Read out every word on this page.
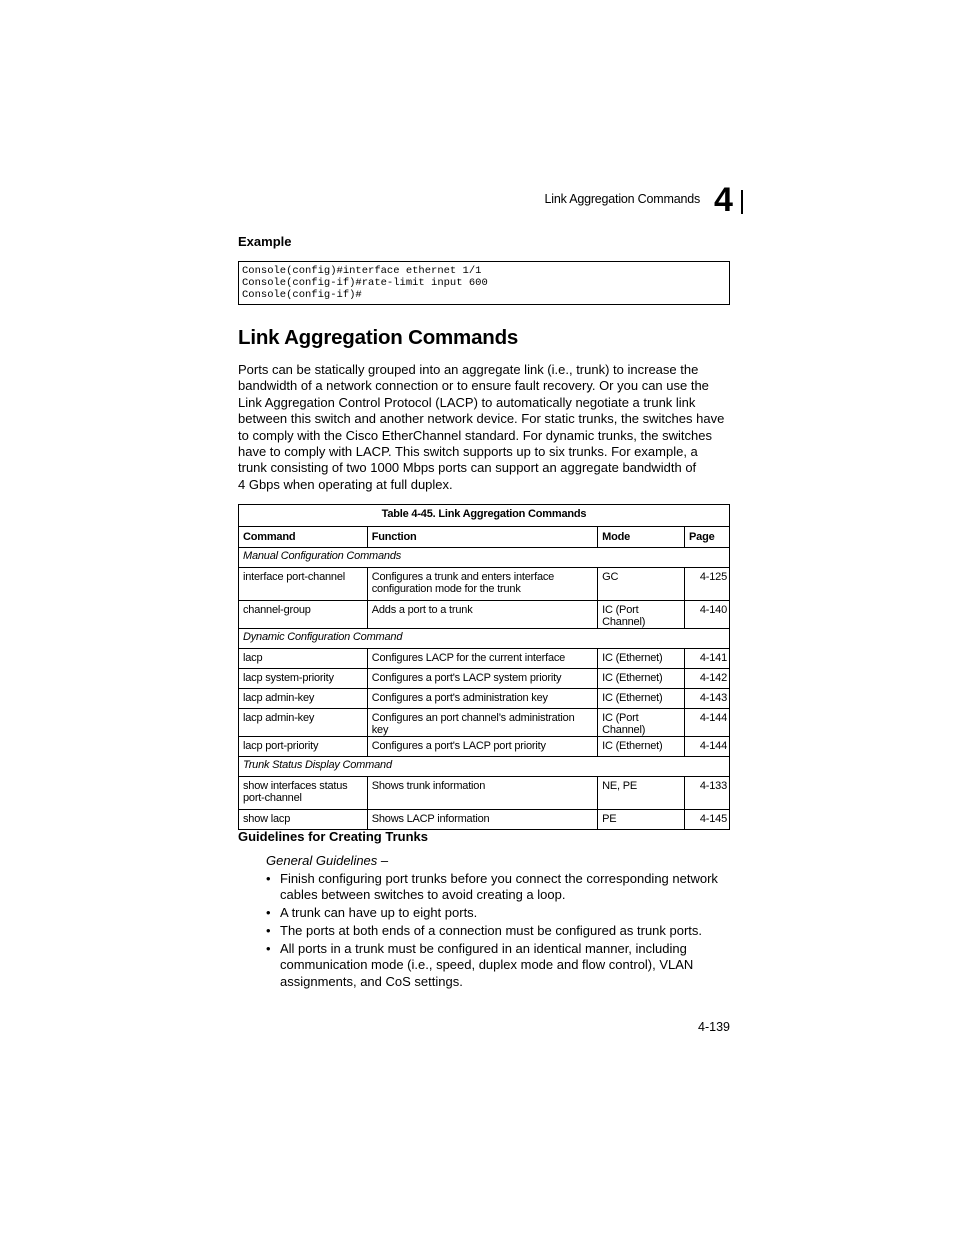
Link Aggregation Commands 4
Example
Console(config)#interface ethernet 1/1
Console(config-if)#rate-limit input 600
Console(config-if)#
Link Aggregation Commands
Ports can be statically grouped into an aggregate link (i.e., trunk) to increase the
bandwidth of a network connection or to ensure fault recovery. Or you can use the
Link Aggregation Control Protocol (LACP) to automatically negotiate a trunk link
between this switch and another network device. For static trunks, the switches have
to comply with the Cisco EtherChannel standard. For dynamic trunks, the switches
have to comply with LACP. This switch supports up to six trunks. For example, a
trunk consisting of two 1000 Mbps ports can support an aggregate bandwidth of
4 Gbps when operating at full duplex.
Table 4-45. Link Aggregation Commands			
Command	Function	Mode	Page
Manual Configuration Commands			
interface port-channel	Configures a trunk and enters interface
configuration mode for the trunk	GC	4-125
channel-group	Adds a port to a trunk	IC (Port Channel)	4-140
Dynamic Configuration Command			
lacp	Configures LACP for the current interface	IC (Ethernet)	4-141
lacp system-priority	Configures a port's LACP system priority	IC (Ethernet)	4-142
lacp admin-key	Configures a port's administration key	IC (Ethernet)	4-143
lacp admin-key	Configures an port channel’s administration key	IC (Port Channel)	4-144
lacp port-priority	Configures a port's LACP port priority	IC (Ethernet)	4-144
Trunk Status Display Command			

show interfaces status
port-channel	Shows trunk information	NE, PE	4-133
show lacp	Shows LACP information	PE	4-145
Guidelines for Creating Trunks
General Guidelines –
• Finish configuring port trunks before you connect the corresponding network
cables between switches to avoid creating a loop.
• A trunk can have up to eight ports.
• The ports at both ends of a connection must be configured as trunk ports.
• All ports in a trunk must be configured in an identical manner, including
communication mode (i.e., speed, duplex mode and flow control), VLAN
assignments, and CoS settings.
4-139
